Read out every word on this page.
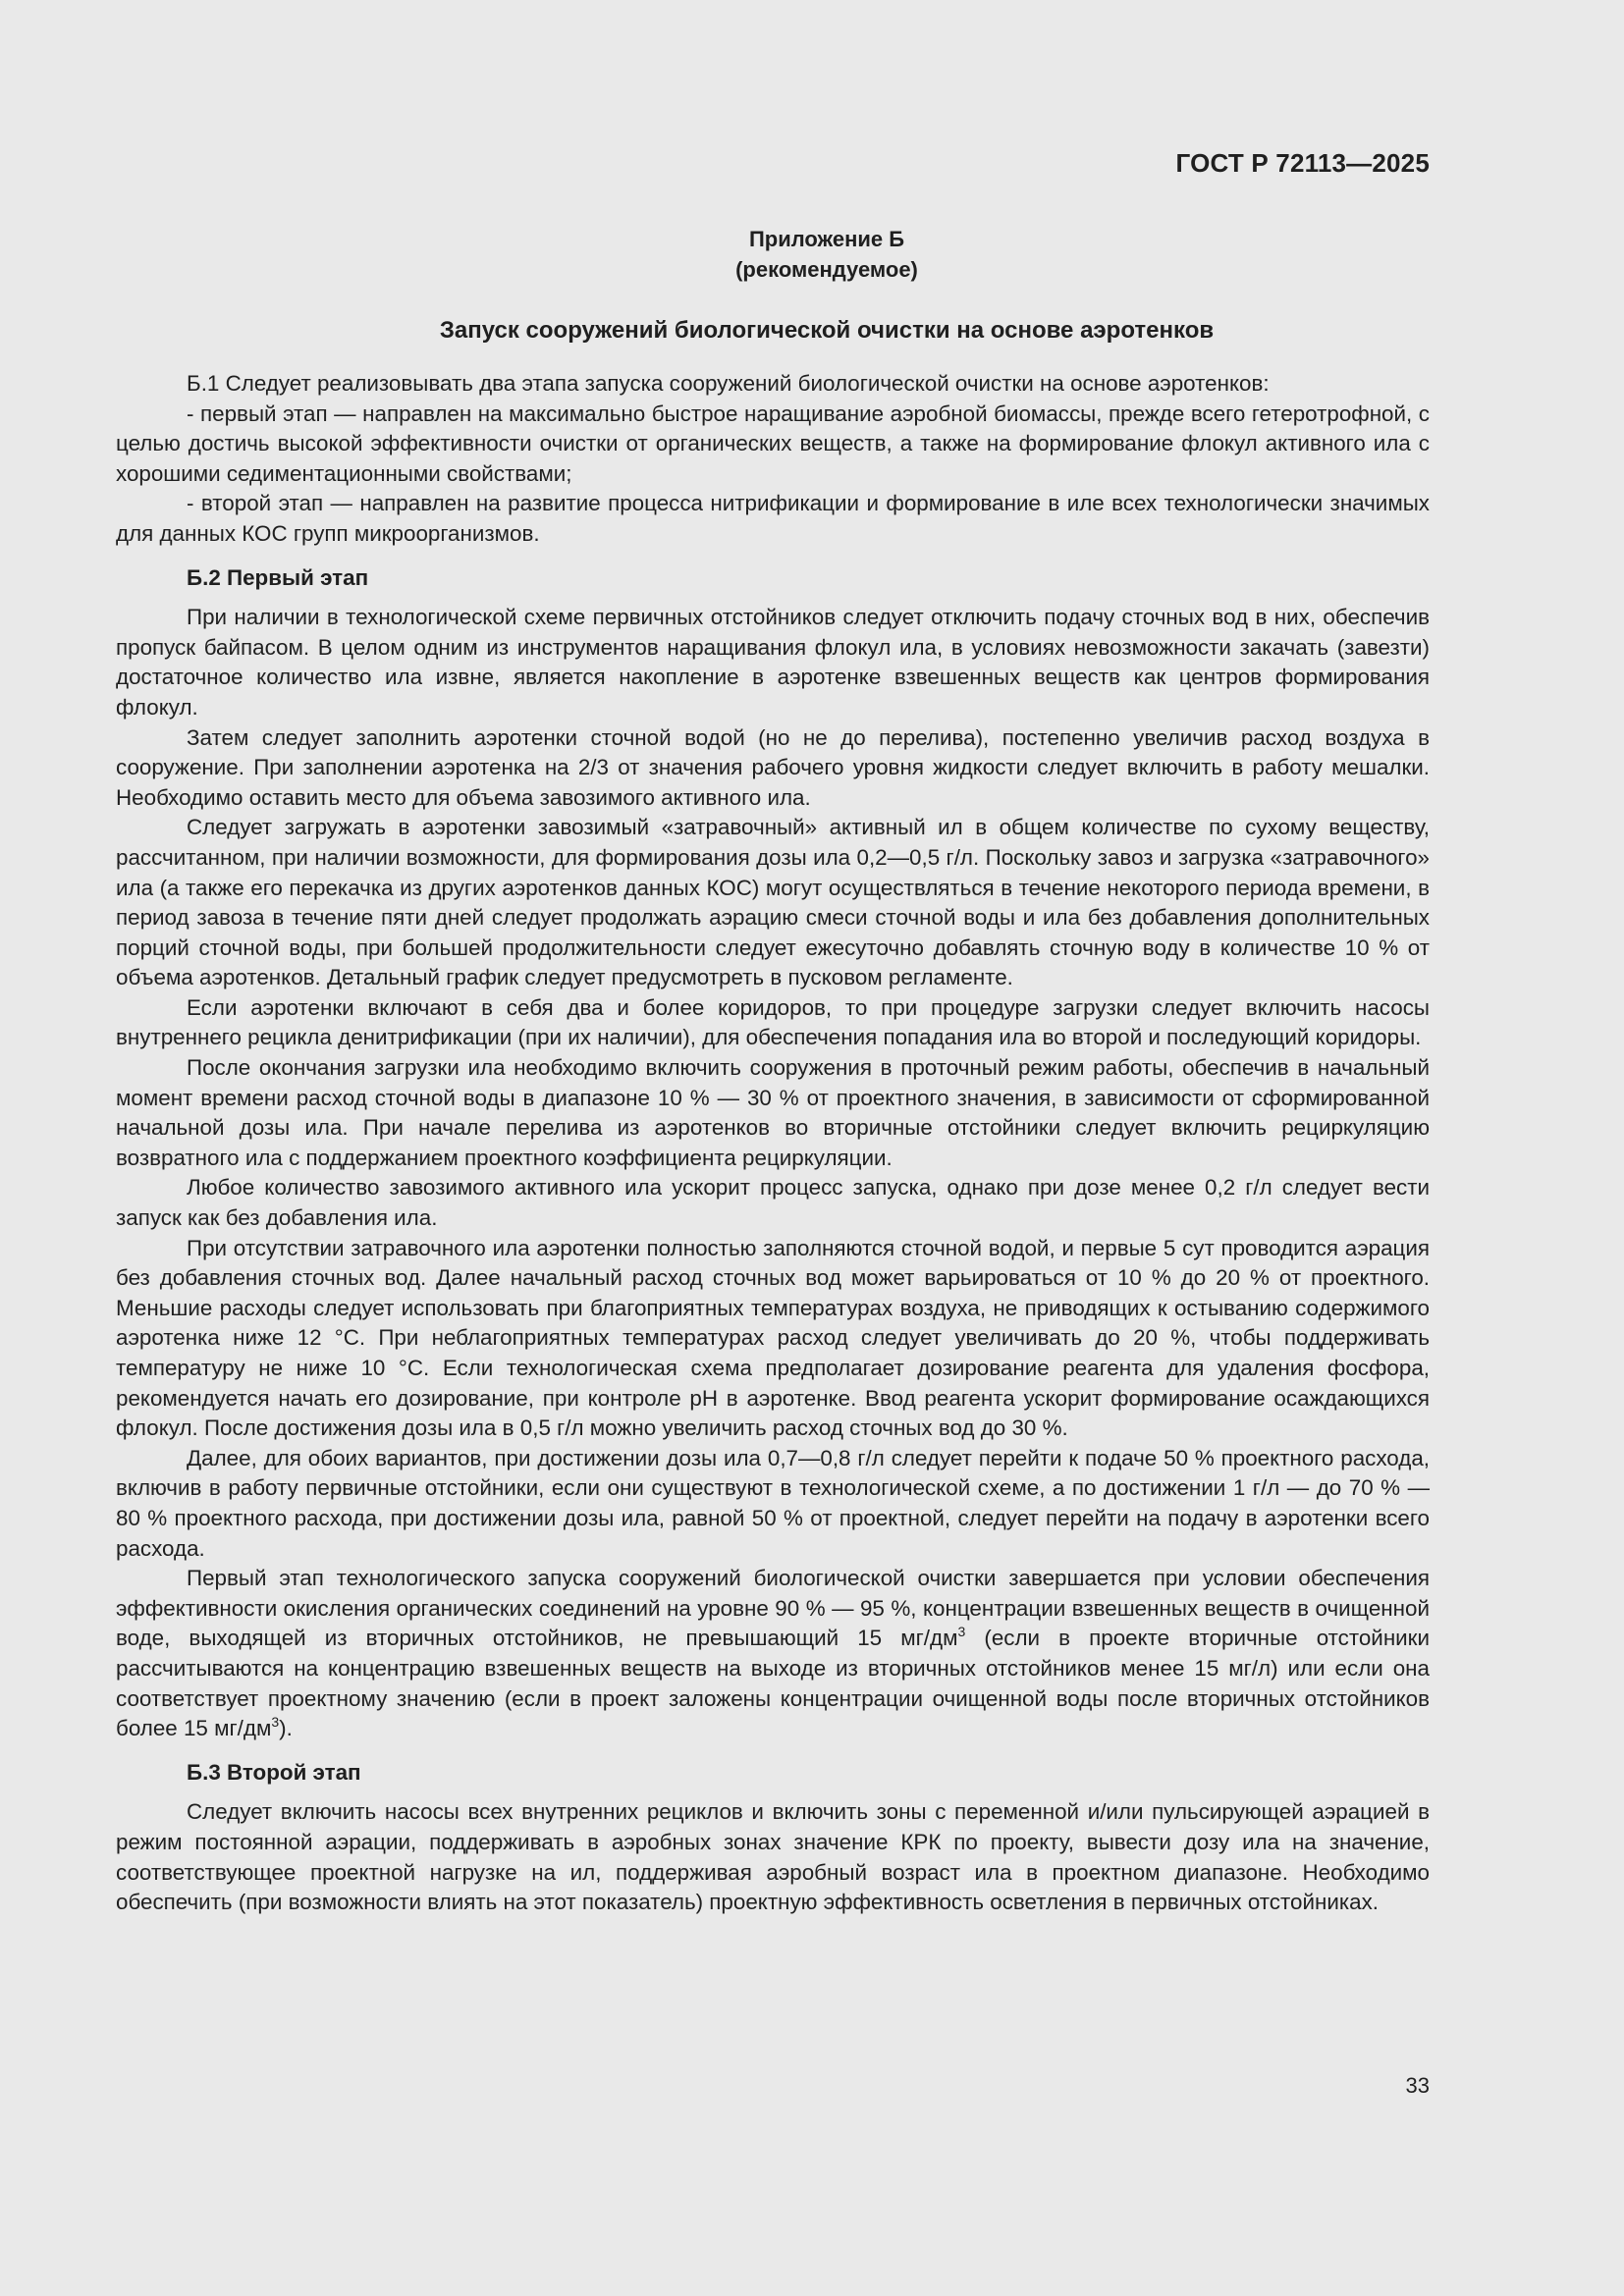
ГОСТ Р 72113—2025
Приложение Б
(рекомендуемое)
Запуск сооружений биологической очистки на основе аэротенков

Б.1 Следует реализовывать два этапа запуска сооружений биологической очистки на основе аэротенков:

- первый этап — направлен на максимально быстрое наращивание аэробной биомассы, прежде всего гетеротрофной, с целью достичь высокой эффективности очистки от органических веществ, а также на формирование флокул активного ила с хорошими седиментационными свойствами;

- второй этап — направлен на развитие процесса нитрификации и формирование в иле всех технологически значимых для данных КОС групп микроорганизмов.

Б.2 Первый этап

При наличии в технологической схеме первичных отстойников следует отключить подачу сточных вод в них, обеспечив пропуск байпасом. В целом одним из инструментов наращивания флокул ила, в условиях невозможности закачать (завезти) достаточное количество ила извне, является накопление в аэротенке взвешенных веществ как центров формирования флокул.

Затем следует заполнить аэротенки сточной водой (но не до перелива), постепенно увеличив расход воздуха в сооружение. При заполнении аэротенка на 2/3 от значения рабочего уровня жидкости следует включить в работу мешалки. Необходимо оставить место для объема завозимого активного ила.

Следует загружать в аэротенки завозимый «затравочный» активный ил в общем количестве по сухому веществу, рассчитанном, при наличии возможности, для формирования дозы ила 0,2—0,5 г/л. Поскольку завоз и загрузка «затравочного» ила (а также его перекачка из других аэротенков данных КОС) могут осуществляться в течение некоторого периода времени, в период завоза в течение пяти дней следует продолжать аэрацию смеси сточной воды и ила без добавления дополнительных порций сточной воды, при большей продолжительности следует ежесуточно добавлять сточную воду в количестве 10 % от объема аэротенков. Детальный график следует предусмотреть в пусковом регламенте.

Если аэротенки включают в себя два и более коридоров, то при процедуре загрузки следует включить насосы внутреннего рецикла денитрификации (при их наличии), для обеспечения попадания ила во второй и последующий коридоры.

После окончания загрузки ила необходимо включить сооружения в проточный режим работы, обеспечив в начальный момент времени расход сточной воды в диапазоне 10 % — 30 % от проектного значения, в зависимости от сформированной начальной дозы ила. При начале перелива из аэротенков во вторичные отстойники следует включить рециркуляцию возвратного ила с поддержанием проектного коэффициента рециркуляции.

Любое количество завозимого активного ила ускорит процесс запуска, однако при дозе менее 0,2 г/л следует вести запуск как без добавления ила.

При отсутствии затравочного ила аэротенки полностью заполняются сточной водой, и первые 5 сут проводится аэрация без добавления сточных вод. Далее начальный расход сточных вод может варьироваться от 10 % до 20 % от проектного. Меньшие расходы следует использовать при благоприятных температурах воздуха, не приводящих к остыванию содержимого аэротенка ниже 12 °С. При неблагоприятных температурах расход следует увеличивать до 20 %, чтобы поддерживать температуру не ниже 10 °С. Если технологическая схема предполагает дозирование реагента для удаления фосфора, рекомендуется начать его дозирование, при контроле pH в аэротенке. Ввод реагента ускорит формирование осаждающихся флокул. После достижения дозы ила в 0,5 г/л можно увеличить расход сточных вод до 30 %.

Далее, для обоих вариантов, при достижении дозы ила 0,7—0,8 г/л следует перейти к подаче 50 % проектного расхода, включив в работу первичные отстойники, если они существуют в технологической схеме, а по достижении 1 г/л — до 70 % — 80 % проектного расхода, при достижении дозы ила, равной 50 % от проектной, следует перейти на подачу в аэротенки всего расхода.

Первый этап технологического запуска сооружений биологической очистки завершается при условии обеспечения эффективности окисления органических соединений на уровне 90 % — 95 %, концентрации взвешенных веществ в очищенной воде, выходящей из вторичных отстойников, не превышающий 15 $мг/дм^3$ (если в проекте вторичные отстойники рассчитываются на концентрацию взвешенных веществ на выходе из вторичных отстойников менее 15 мг/л) или если она соответствует проектному значению (если в проект заложены концентрации очищенной воды после вторичных отстойников более 15 $мг/дм^3$).

Б.3 Второй этап

Следует включить насосы всех внутренних рециклов и включить зоны с переменной и/или пульсирующей аэрацией в режим постоянной аэрации, поддерживать в аэробных зонах значение КРК по проекту, вывести дозу ила на значение, соответствующее проектной нагрузке на ил, поддерживая аэробный возраст ила в проектном диапазоне. Необходимо обеспечить (при возможности влиять на этот показатель) проектную эффективность осветления в первичных отстойниках.

33
